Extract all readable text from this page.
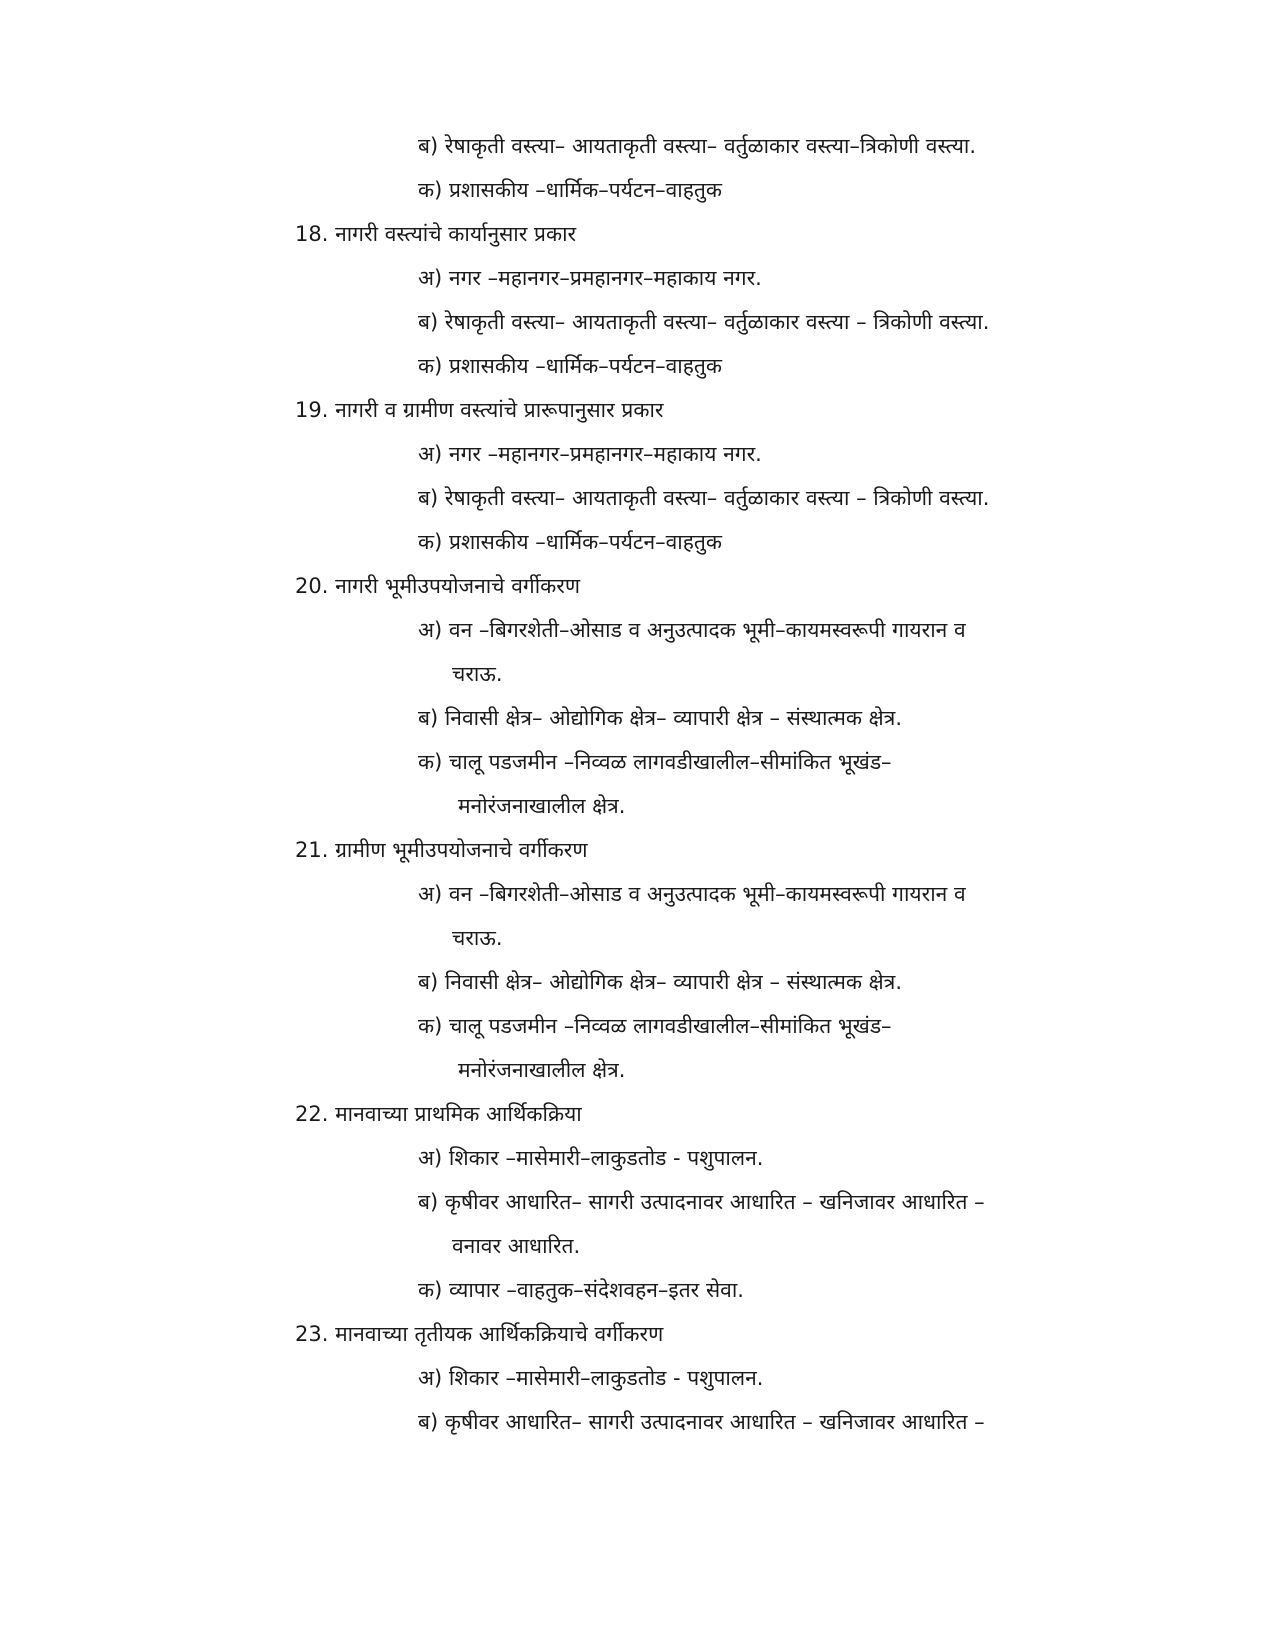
ब) रेषाकृती वस्त्या– आयताकृती वस्त्या– वर्तुळाकार वस्त्या–त्रिकोणी वस्त्या.
क) प्रशासकीय –धार्मिक–पर्यटन–वाहतुक
18. नागरी वस्त्यांचे कार्यानुसार प्रकार
अ) नगर –महानगर–प्रमहानगर–महाकाय नगर.
ब) रेषाकृती वस्त्या– आयताकृती वस्त्या– वर्तुळाकार वस्त्या – त्रिकोणी वस्त्या.
क) प्रशासकीय –धार्मिक–पर्यटन–वाहतुक
19. नागरी व ग्रामीण वस्त्यांचे प्रारूपानुसार प्रकार
अ) नगर –महानगर–प्रमहानगर–महाकाय नगर.
ब) रेषाकृती वस्त्या– आयताकृती वस्त्या– वर्तुळाकार वस्त्या – त्रिकोणी वस्त्या.
क) प्रशासकीय –धार्मिक–पर्यटन–वाहतुक
20. नागरी भूमीउपयोजनाचे वर्गीकरण
अ) वन –बिगरशेती–ओसाड व अनुउत्पादक भूमी–कायमस्वरूपी गायरान व
चराऊ.
ब) निवासी क्षेत्र– ओद्योगिक क्षेत्र– व्यापारी क्षेत्र – संस्थात्मक क्षेत्र.
क) चालू पडजमीन –निव्वळ लागवडीखालील–सीमांकित भूखंड–
मनोरंजनाखालील क्षेत्र.
21. ग्रामीण भूमीउपयोजनाचे वर्गीकरण
अ) वन –बिगरशेती–ओसाड व अनुउत्पादक भूमी–कायमस्वरूपी गायरान व
चराऊ.
ब) निवासी क्षेत्र– ओद्योगिक क्षेत्र– व्यापारी क्षेत्र – संस्थात्मक क्षेत्र.
क) चालू पडजमीन –निव्वळ लागवडीखालील–सीमांकित भूखंड–
मनोरंजनाखालील क्षेत्र.
22. मानवाच्या प्राथमिक आर्थिकक्रिया
अ) शिकार –मासेमारी–लाकुडतोड - पशुपालन.
ब) कृषीवर आधारित– सागरी उत्पादनावर आधारित – खनिजावर आधारित –
वनावर आधारित.
क) व्यापार –वाहतुक–संदेशवहन–इतर सेवा.
23. मानवाच्या तृतीयक आर्थिकक्रियाचे वर्गीकरण
अ) शिकार –मासेमारी–लाकुडतोड - पशुपालन.
ब) कृषीवर आधारित– सागरी उत्पादनावर आधारित – खनिजावर आधारित –
